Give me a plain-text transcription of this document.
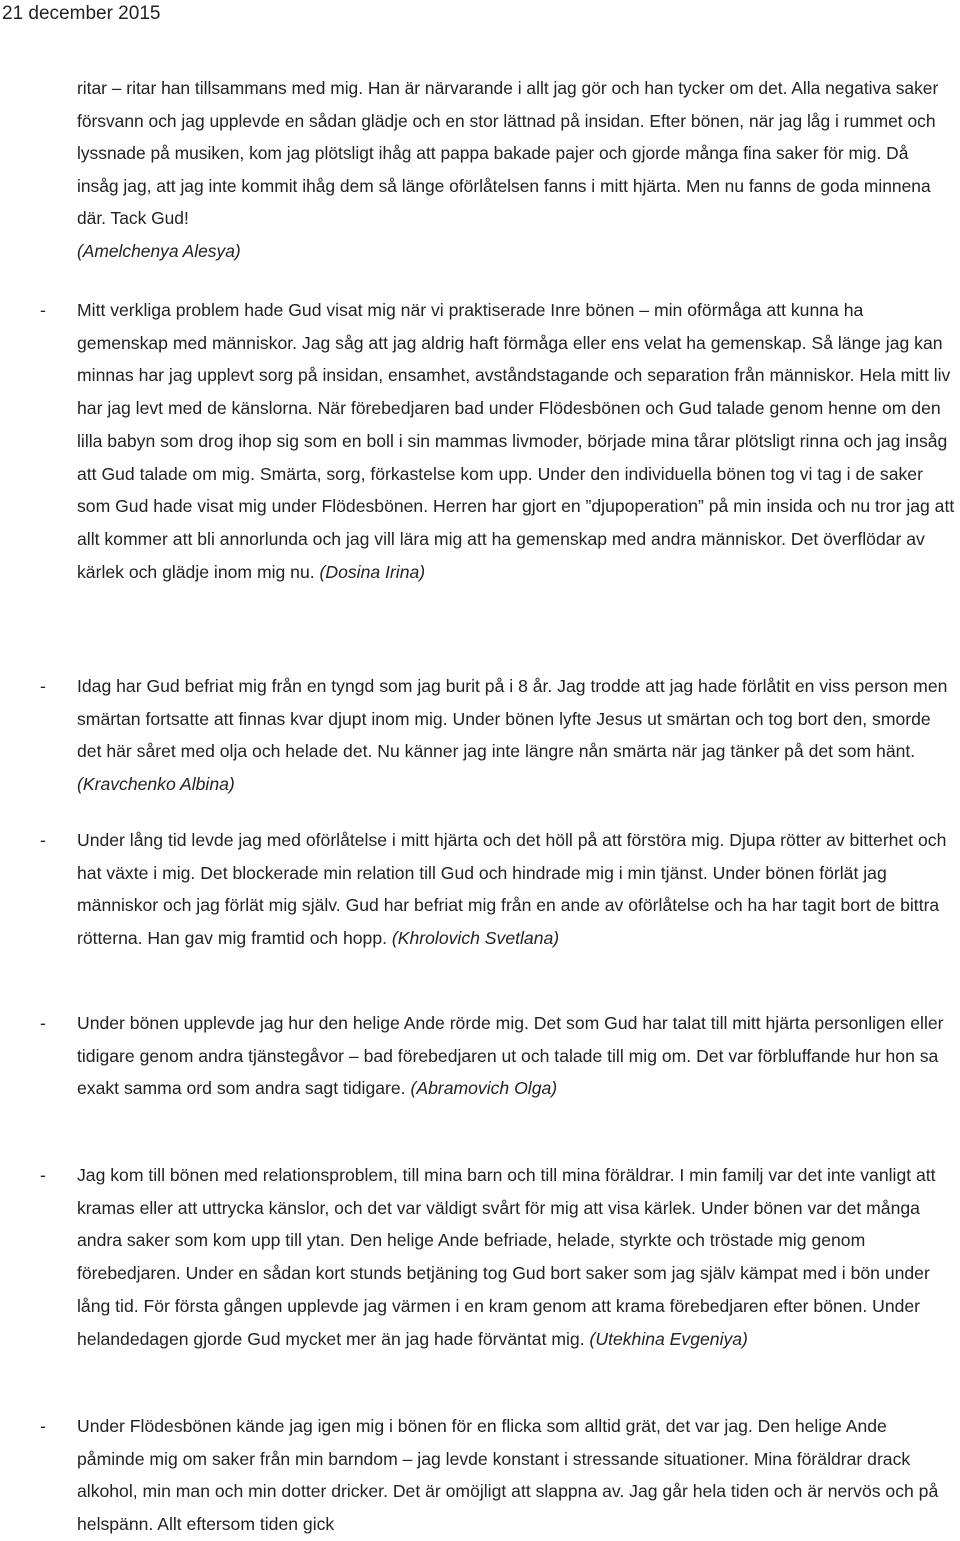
21 december 2015

ritar – ritar han tillsammans med mig. Han är närvarande i allt jag gör och han tycker om det. Alla negativa saker försvann och jag upplevde en sådan glädje och en stor lättnad på insidan. Efter bönen, när jag låg i rummet och lyssnade på musiken, kom jag plötsligt ihåg att pappa bakade pajer och gjorde många fina saker för mig. Då insåg jag, att jag inte kommit ihåg dem så länge oförlåtelsen fanns i mitt hjärta. Men nu fanns de goda minnena där. Tack Gud!
(Amelchenya Alesya)

-	Mitt verkliga problem hade Gud visat mig när vi praktiserade Inre bönen – min oförmåga att kunna ha gemenskap med människor. Jag såg att jag aldrig haft förmåga eller ens velat ha gemenskap. Så länge jag kan minnas har jag upplevt sorg på insidan, ensamhet, avståndstagande och separation från människor. Hela mitt liv har jag levt med de känslorna. När förebedjaren bad under Flödesbönen och Gud talade genom henne om den lilla babyn som drog ihop sig som en boll i sin mammas livmoder, började mina tårar plötsligt rinna och jag insåg att Gud talade om mig. Smärta, sorg, förkastelse kom upp. Under den individuella bönen tog vi tag i de saker som Gud hade visat mig under Flödesbönen. Herren har gjort en ”djupoperation” på min insida och nu tror jag att allt kommer att bli annorlunda och jag vill lära mig att ha gemenskap med andra människor. Det överflödar av kärlek och glädje inom mig nu. (Dosina Irina)

-	Idag har Gud befriat mig från en tyngd som jag burit på i 8 år. Jag trodde att jag hade förlåtit en viss person men smärtan fortsatte att finnas kvar djupt inom mig. Under bönen lyfte Jesus ut smärtan och tog bort den, smorde det här såret med olja och helade det. Nu känner jag inte längre nån smärta när jag tänker på det som hänt. (Kravchenko Albina)

-	Under lång tid levde jag med oförlåtelse i mitt hjärta och det höll på att förstöra mig. Djupa rötter av bitterhet och hat växte i mig. Det blockerade min relation till Gud och hindrade mig i min tjänst. Under bönen förlät jag människor och jag förlät mig själv. Gud har befriat mig från en ande av oförlåtelse och ha har tagit bort de bittra rötterna. Han gav mig framtid och hopp. (Khrolovich Svetlana)

-	Under bönen upplevde jag hur den helige Ande rörde mig. Det som Gud har talat till mitt hjärta personligen eller tidigare genom andra tjänstegåvor – bad förebedjaren ut och talade till mig om. Det var förbluffande hur hon sa exakt samma ord som andra sagt tidigare. (Abramovich Olga)

-	Jag kom till bönen med relationsproblem, till mina barn och till mina föräldrar. I min familj var det inte vanligt att kramas eller att uttrycka känslor, och det var väldigt svårt för mig att visa kärlek. Under bönen var det många andra saker som kom upp till ytan. Den helige Ande befriade, helade, styrkte och tröstade mig genom förebedjaren. Under en sådan kort stunds betjäning tog Gud bort saker som jag själv kämpat med i bön under lång tid. För första gången upplevde jag värmen i en kram genom att krama förebedjaren efter bönen. Under helandedagen gjorde Gud mycket mer än jag hade förväntat mig. (Utekhina Evgeniya)

-	Under Flödesbönen kände jag igen mig i bönen för en flicka som alltid grät, det var jag. Den helige Ande påminde mig om saker från min barndom – jag levde konstant i stressande situationer. Mina föräldrar drack alkohol, min man och min dotter dricker. Det är omöjligt att slappna av. Jag går hela tiden och är nervös och på helspänn. Allt eftersom tiden gick
